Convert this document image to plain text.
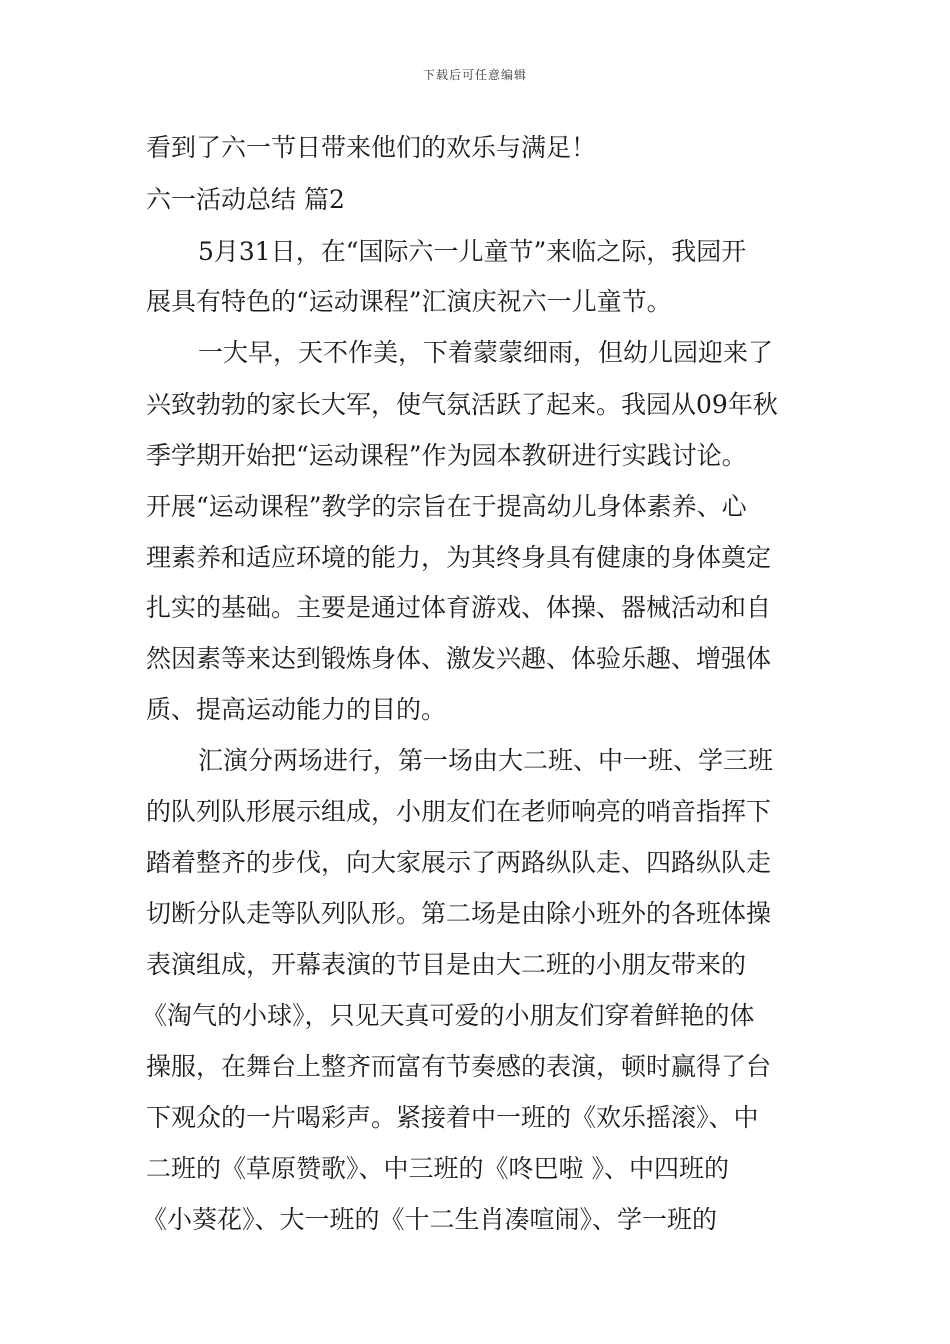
下载后可任意编辑
看到了六一节日带来他们的欢乐与满足！
六一活动总结 篇2
5月31日，在“国际六一儿童节”来临之际，我园开
展具有特色的“运动课程”汇演庆祝六一儿童节。
一大早，天不作美，下着蒙蒙细雨，但幼儿园迎来了
兴致勃勃的家长大军，使气氛活跃了起来。我园从09年秋
季学期开始把“运动课程”作为园本教研进行实践讨论。
开展“运动课程”教学的宗旨在于提高幼儿身体素养、心
理素养和适应环境的能力，为其终身具有健康的身体奠定
扎实的基础。主要是通过体育游戏、体操、器械活动和自
然因素等来达到锻炼身体、激发兴趣、体验乐趣、增强体
质、提高运动能力的目的。
汇演分两场进行，第一场由大二班、中一班、学三班
的队列队形展示组成，小朋友们在老师响亮的哨音指挥下
踏着整齐的步伐，向大家展示了两路纵队走、四路纵队走
切断分队走等队列队形。第二场是由除小班外的各班体操
表演组成，开幕表演的节目是由大二班的小朋友带来的
《淘气的小球》，只见天真可爱的小朋友们穿着鲜艳的体
操服，在舞台上整齐而富有节奏感的表演，顿时赢得了台
下观众的一片喝彩声。紧接着中一班的《欢乐摇滚》、中
二班的《草原赞歌》、中三班的《咚巴啦 》、中四班的
《小葵花》、大一班的《十二生肖凑喧闹》、学一班的
